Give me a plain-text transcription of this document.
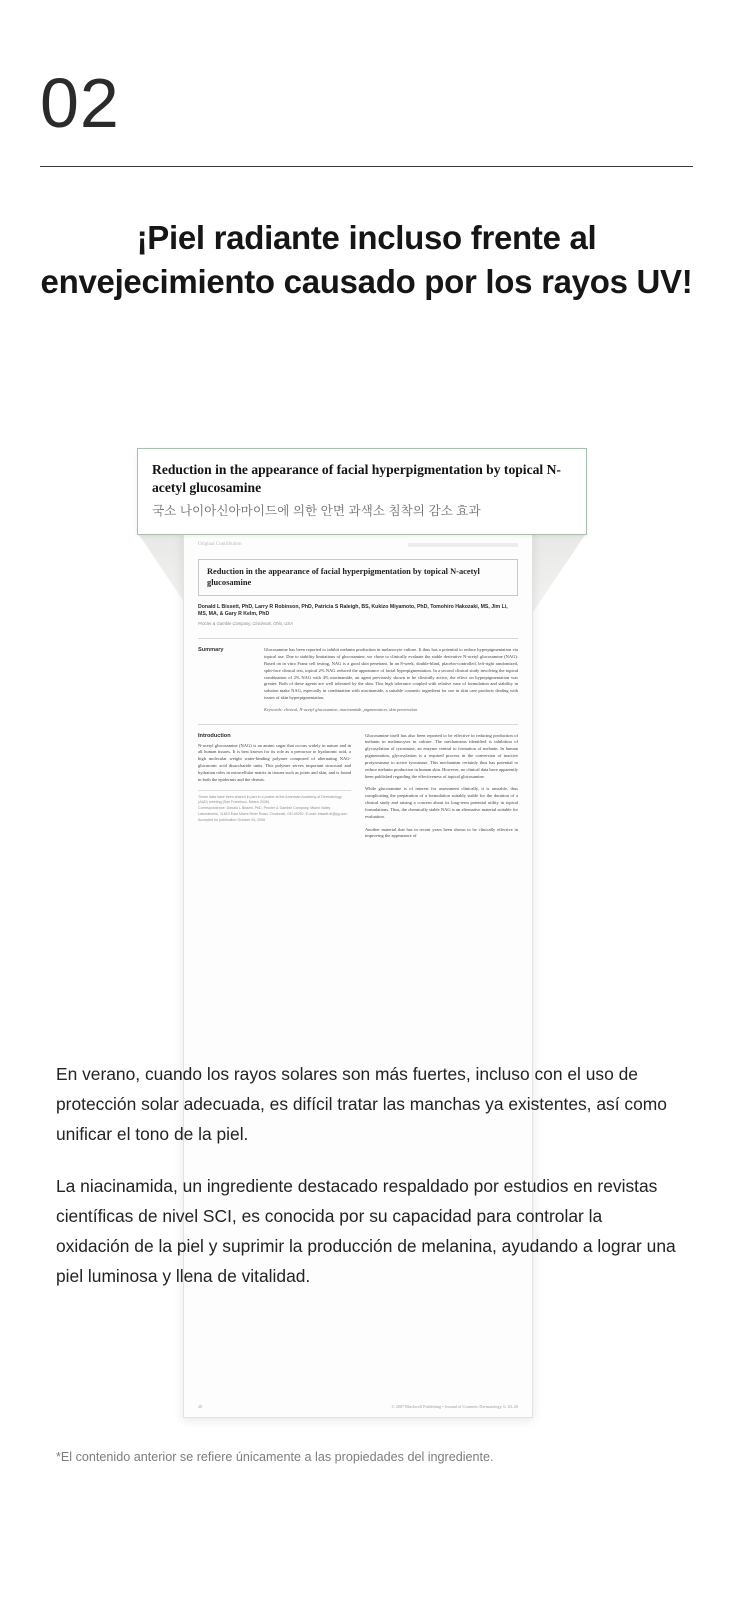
02
¡Piel radiante incluso frente al envejecimiento causado por los rayos UV!
Original Contribution
Reduction in the appearance of facial hyperpigmentation by topical N-acetyl glucosamine
Donald L Bissett, PhD, Larry R Robinson, PhD, Patricia S Raleigh, BS, Kukizo Miyamoto, PhD, Tomohiro Hakozaki, MS, Jim Li, MS, MA, & Gary R Kelm, PhD
Procter & Gamble Company, Cincinnati, Ohio, USA
Summary	Glucosamine has been reported to inhibit melanin production in melanocyte culture. It thus has a potential to reduce hyperpigmentation via topical use. Due to stability limitations of glucosamine, we chose to clinically evaluate the stable derivative N-acetyl glucosamine (NAG). Based on in vitro Franz cell testing, NAG is a good skin penetrant. In an 8-week, double-blind, placebo-controlled, left-right randomized, split-face clinical test, topical 2% NAG reduced the appearance of facial hyperpigmentation. In a second clinical study involving the topical combination of 2% NAG with 4% niacinamide, an agent previously shown to be clinically active, the effect on hyperpigmentation was greater. Both of these agents are well tolerated by the skin. This high tolerance coupled with relative ease of formulation and stability in solution make NAG, especially in combination with niacinamide, a suitable cosmetic ingredient for use in skin care products dealing with issues of skin hyperpigmentation.
Keywords: clinical, N-acetyl glucosamine, niacinamide, pigmentation, skin penetration
Introduction
N-acetyl glucosamine (NAG) is an amino sugar that occurs widely in nature and in all human tissues. It is best known for its role as a precursor to hyaluronic acid, a high molecular weight water-binding polymer composed of alternating NAG-glucuronic acid disaccharide units. This polymer serves important structural and hydration roles in extracellular matrix in tissues such as joints and skin, and is found in both the epidermis and the dermis.
These data have been shared in part in a poster at the American Academy of Dermatology (AAD) meeting (San Francisco, March 2006).
Correspondence: Donald L Bissett, PhD, Procter & Gamble Company, Miami Valley Laboratories, 11810 East Miami River Road, Cincinnati, OH 45252. E-mail: bissett.dl@pg.com
Accepted for publication October 24, 2006
Glucosamine itself has also been reported to be effective in reducing production of melanin in melanocytes in culture. The mechanisms identified is inhibition of glycosylation of tyrosinase, an enzyme central to formation of melanin. In human pigmentation, glycosylation is a required process in the conversion of inactive protyrosinase to active tyrosinase. This mechanism certainly thus has potential to reduce melanin production in human skin. However, no clinical data have apparently been published regarding the effectiveness of topical glucosamine.
While glucosamine is of interest for assessment clinically, it is unstable, thus complicating the preparation of a formulation suitably stable for the duration of a clinical study and raising a concern about its long-term potential utility in topical formulations. Thus, the chemically stable NAG is an alternative material suitable for evaluation.
Another material that has in recent years been shown to be clinically effective in improving the appearance of
20	© 2007 Blackwell Publishing • Journal of Cosmetic Dermatology, 6, 20–26
Reduction in the appearance of facial hyperpigmentation by topical N-acetyl glucosamine
국소 나이아신아마이드에 의한 안면 과색소 침착의 감소 효과

En verano, cuando los rayos solares son más fuertes, incluso con el uso de protección solar adecuada, es difícil tratar las manchas ya existentes, así como unificar el tono de la piel.

La niacinamida, un ingrediente destacado respaldado por estudios en revistas científicas de nivel SCI, es conocida por su capacidad para controlar la oxidación de la piel y suprimir la producción de melanina, ayudando a lograr una piel luminosa y llena de vitalidad.

*El contenido anterior se refiere únicamente a las propiedades del ingrediente.
